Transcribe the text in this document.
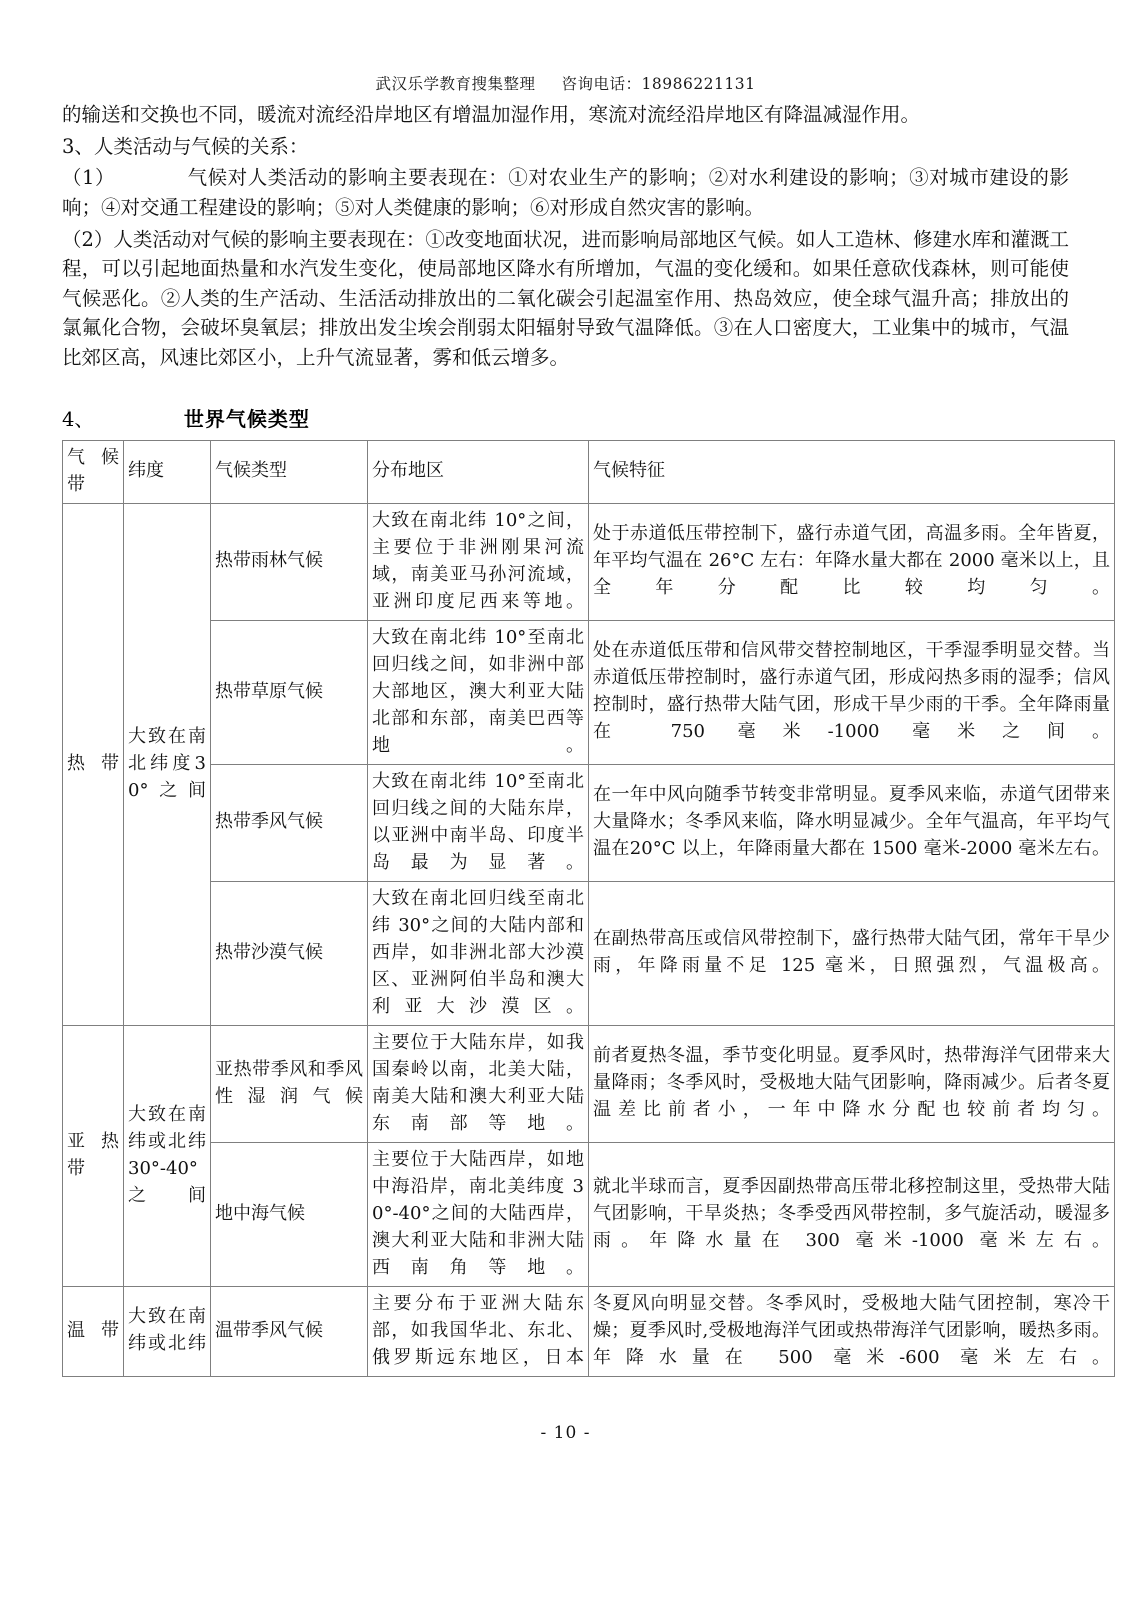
武汉乐学教育搜集整理 咨询电话：18986221131

的输送和交换也不同，暖流对流经沿岸地区有增温加湿作用，寒流对流经沿岸地区有降温减湿作用。

3、人类活动与气候的关系：

（1）	气候对人类活动的影响主要表现在：①对农业生产的影响；②对水利建设的影响；③对城市建设的影响；④对交通工程建设的影响；⑤对人类健康的影响；⑥对形成自然灾害的影响。

（2）人类活动对气候的影响主要表现在：①改变地面状况，进而影响局部地区气候。如人工造林、修建水库和灌溉工程，可以引起地面热量和水汽发生变化，使局部地区降水有所增加，气温的变化缓和。如果任意砍伐森林，则可能使气候恶化。②人类的生产活动、生活活动排放出的二氧化碳会引起温室作用、热岛效应，使全球气温升高；排放出的氯氟化合物，会破坏臭氧层；排放出发尘埃会削弱太阳辐射导致气温降低。③在人口密度大，工业集中的城市，气温比郊区高，风速比郊区小，上升气流显著，雾和低云增多。

4、	世界气候类型
气候带	纬度	气候类型	分布地区	气候特征
热带	大致在南北纬度30°之间	热带雨林气候	大致在南北纬 10°之间，主要位于非洲刚果河流域，南美亚马孙河流域，亚洲印度尼西来等地。	处于赤道低压带控制下，盛行赤道气团，高温多雨。全年皆夏，年平均气温在 26°C 左右：年降水量大都在 2000 毫米以上，且全年分配比较均匀。
		热带草原气候	大致在南北纬 10°至南北回归线之间，如非洲中部大部地区，澳大利亚大陆北部和东部，南美巴西等地。	处在赤道低压带和信风带交替控制地区，干季湿季明显交替。当赤道低压带控制时，盛行赤道气团，形成闷热多雨的湿季；信风控制时，盛行热带大陆气团，形成干旱少雨的干季。全年降雨量在 750 毫米-1000 毫米之间。
		热带季风气候	大致在南北纬 10°至南北回归线之间的大陆东岸，以亚洲中南半岛、印度半岛最为显著。	在一年中风向随季节转变非常明显。夏季风来临，赤道气团带来大量降水；冬季风来临，降水明显减少。全年气温高，年平均气温在20°C 以上，年降雨量大都在 1500 毫米-2000 毫米左右。
		热带沙漠气候	大致在南北回归线至南北纬 30°之间的大陆内部和西岸，如非洲北部大沙漠区、亚洲阿伯半岛和澳大利亚大沙漠区。	在副热带高压或信风带控制下，盛行热带大陆气团，常年干旱少雨，年降雨量不足 125 毫米，日照强烈，气温极高。
亚热带	大致在南纬或北纬30°-40°之间	亚热带季风和季风性湿润气候	主要位于大陆东岸，如我国秦岭以南，北美大陆，南美大陆和澳大利亚大陆东南部等地。	前者夏热冬温，季节变化明显。夏季风时，热带海洋气团带来大量降雨；冬季风时，受极地大陆气团影响，降雨减少。后者冬夏温差比前者小，一年中降水分配也较前者均匀。
		地中海气候	主要位于大陆西岸，如地中海沿岸，南北美纬度 30°-40°之间的大陆西岸，澳大利亚大陆和非洲大陆西南角等地。	就北半球而言，夏季因副热带高压带北移控制这里，受热带大陆气团影响，干旱炎热；冬季受西风带控制，多气旋活动，暖湿多雨。年降水量在 300 毫米-1000 毫米左右。
温带	大致在南纬或北纬	温带季风气候	主要分布于亚洲大陆东部，如我国华北、东北、俄罗斯远东地区，日本	冬夏风向明显交替。冬季风时，受极地大陆气团控制，寒冷干燥；夏季风时,受极地海洋气团或热带海洋气团影响，暖热多雨。年降水量在 500 毫米-600 毫米左右。
- 10 -
